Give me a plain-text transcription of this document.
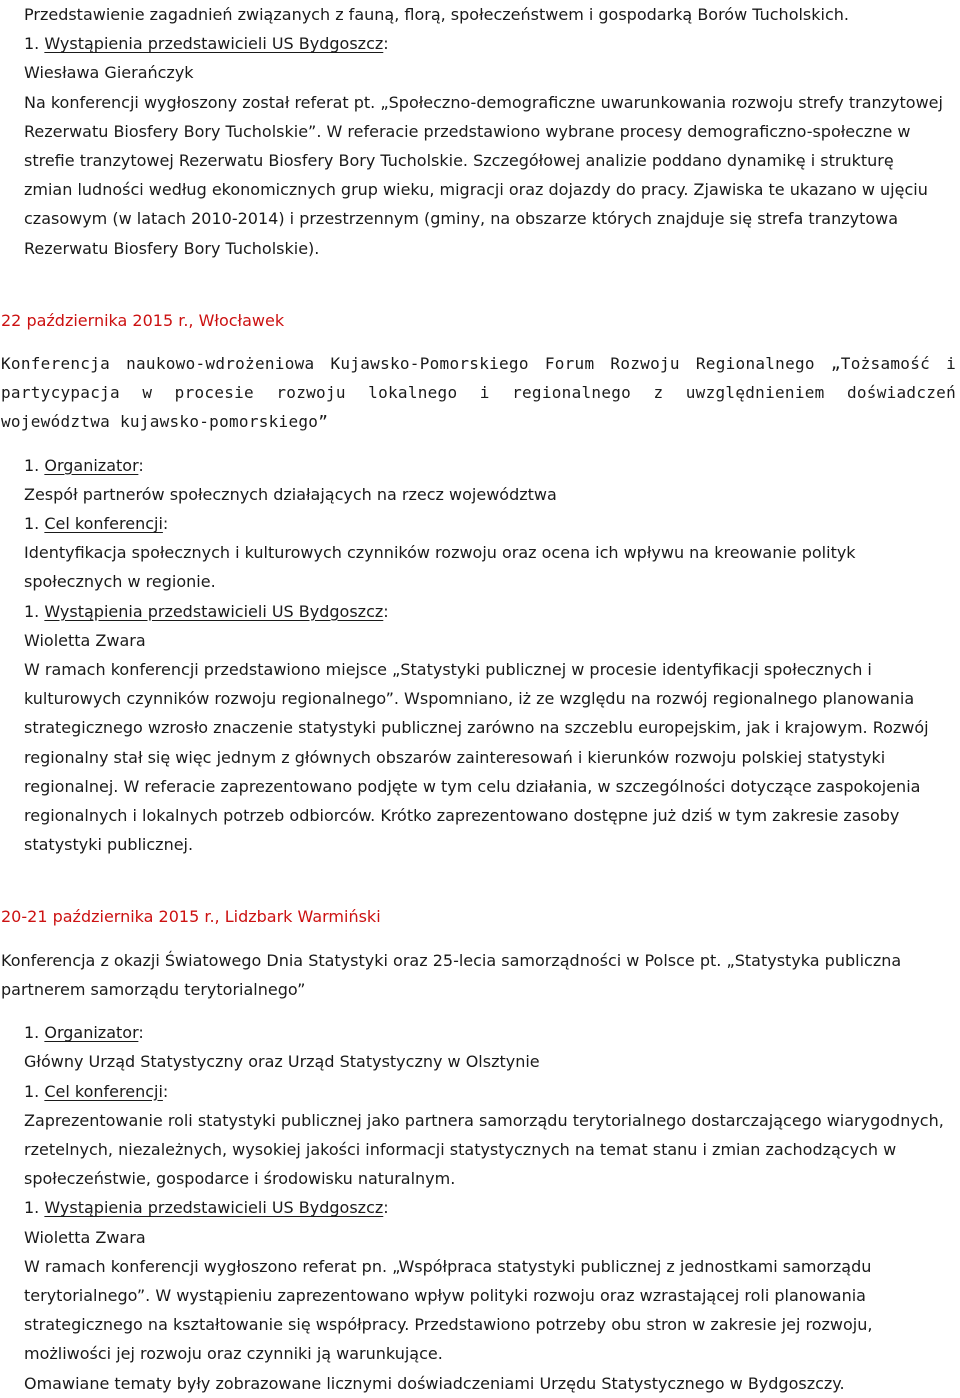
Przedstawienie zagadnień związanych z fauną, florą, społeczeństwem i gospodarką Borów Tucholskich.

1. Wystąpienia przedstawicieli US Bydgoszcz:

Wiesława Gierańczyk

Na konferencji wygłoszony został referat pt. „Społeczno-demograficzne uwarunkowania rozwoju strefy tranzytowej Rezerwatu Biosfery Bory Tucholskie”. W referacie przedstawiono wybrane procesy demograficzno-społeczne w strefie tranzytowej Rezerwatu Biosfery Bory Tucholskie. Szczegółowej analizie poddano dynamikę i strukturę zmian ludności według ekonomicznych grup wieku, migracji oraz dojazdy do pracy. Zjawiska te ukazano w ujęciu czasowym (w latach 2010-2014) i przestrzennym (gminy, na obszarze których znajduje się strefa tranzytowa Rezerwatu Biosfery Bory Tucholskie).

22 października 2015 r., Włocławek

Konferencja naukowo-wdrożeniowa Kujawsko-Pomorskiego Forum Rozwoju Regionalnego „Tożsamość i partycypacja w procesie rozwoju lokalnego i regionalnego z uwzględnieniem doświadczeń województwa kujawsko-pomorskiego”

1. Organizator:

Zespół partnerów społecznych działających na rzecz województwa

1. Cel konferencji:

Identyfikacja społecznych i kulturowych czynników rozwoju oraz ocena ich wpływu na kreowanie polityk społecznych w regionie.

1. Wystąpienia przedstawicieli US Bydgoszcz:

Wioletta Zwara

W ramach konferencji przedstawiono miejsce „Statystyki publicznej w procesie identyfikacji społecznych i kulturowych czynników rozwoju regionalnego”. Wspomniano, iż ze względu na rozwój regionalnego planowania strategicznego wzrosło znaczenie statystyki publicznej zarówno na szczeblu europejskim, jak i krajowym. Rozwój regionalny stał się więc jednym z głównych obszarów zainteresowań i kierunków rozwoju polskiej statystyki regionalnej. W referacie zaprezentowano podjęte w tym celu działania, w szczególności dotyczące zaspokojenia regionalnych i lokalnych potrzeb odbiorców. Krótko zaprezentowano dostępne już dziś w tym zakresie zasoby statystyki publicznej.

20-21 października 2015 r., Lidzbark Warmiński

Konferencja z okazji Światowego Dnia Statystyki oraz 25-lecia samorządności w Polsce pt. „Statystyka publiczna partnerem samorządu terytorialnego”

1. Organizator:

Główny Urząd Statystyczny oraz Urząd Statystyczny w Olsztynie

1. Cel konferencji:

Zaprezentowanie roli statystyki publicznej jako partnera samorządu terytorialnego dostarczającego wiarygodnych, rzetelnych, niezależnych, wysokiej jakości informacji statystycznych na temat stanu i zmian zachodzących w społeczeństwie, gospodarce i środowisku naturalnym.

1. Wystąpienia przedstawicieli US Bydgoszcz:

Wioletta Zwara

W ramach konferencji wygłoszono referat pn. „Współpraca statystyki publicznej z jednostkami samorządu terytorialnego”. W wystąpieniu zaprezentowano wpływ polityki rozwoju oraz wzrastającej roli planowania strategicznego na kształtowanie się współpracy. Przedstawiono potrzeby obu stron w zakresie jej rozwoju, możliwości jej rozwoju oraz czynniki ją warunkujące.

Omawiane tematy były zobrazowane licznymi doświadczeniami Urzędu Statystycznego w Bydgoszczy.
